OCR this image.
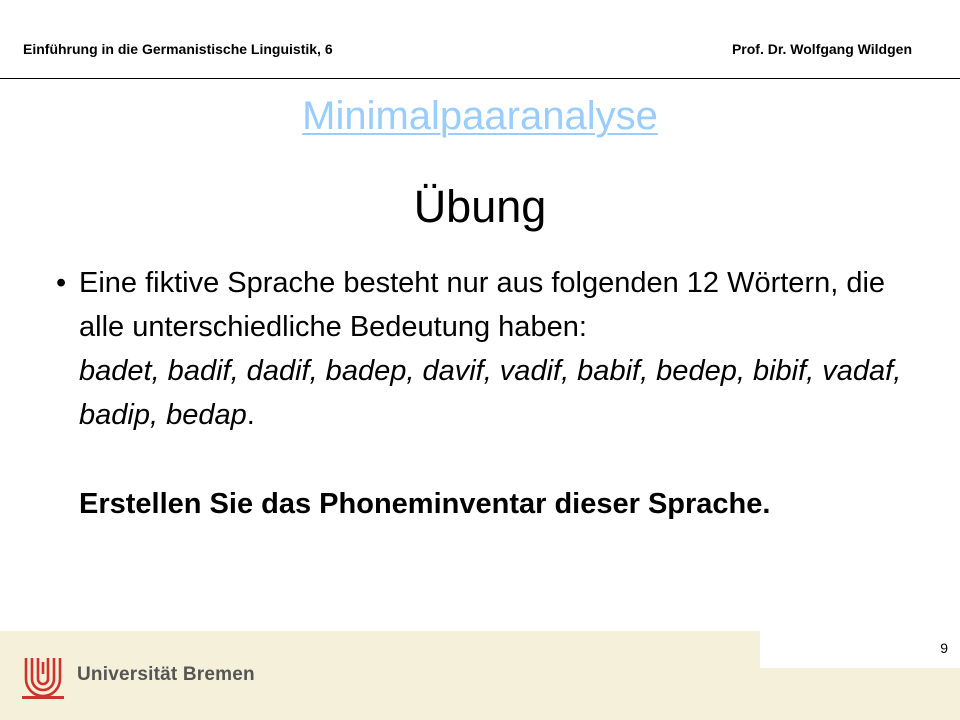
Einführung in die Germanistische Linguistik, 6	Prof. Dr. Wolfgang Wildgen
Minimalpaaranalyse
Übung
• Eine fiktive Sprache besteht nur aus folgenden 12 Wörtern, die alle unterschiedliche Bedeutung haben:
badet, badif, dadif, badep, davif, vadif, babif, bedep, bibif, vadaf, badip, bedap.
Erstellen Sie das Phoneminventar dieser Sprache.
9
Universität Bremen
